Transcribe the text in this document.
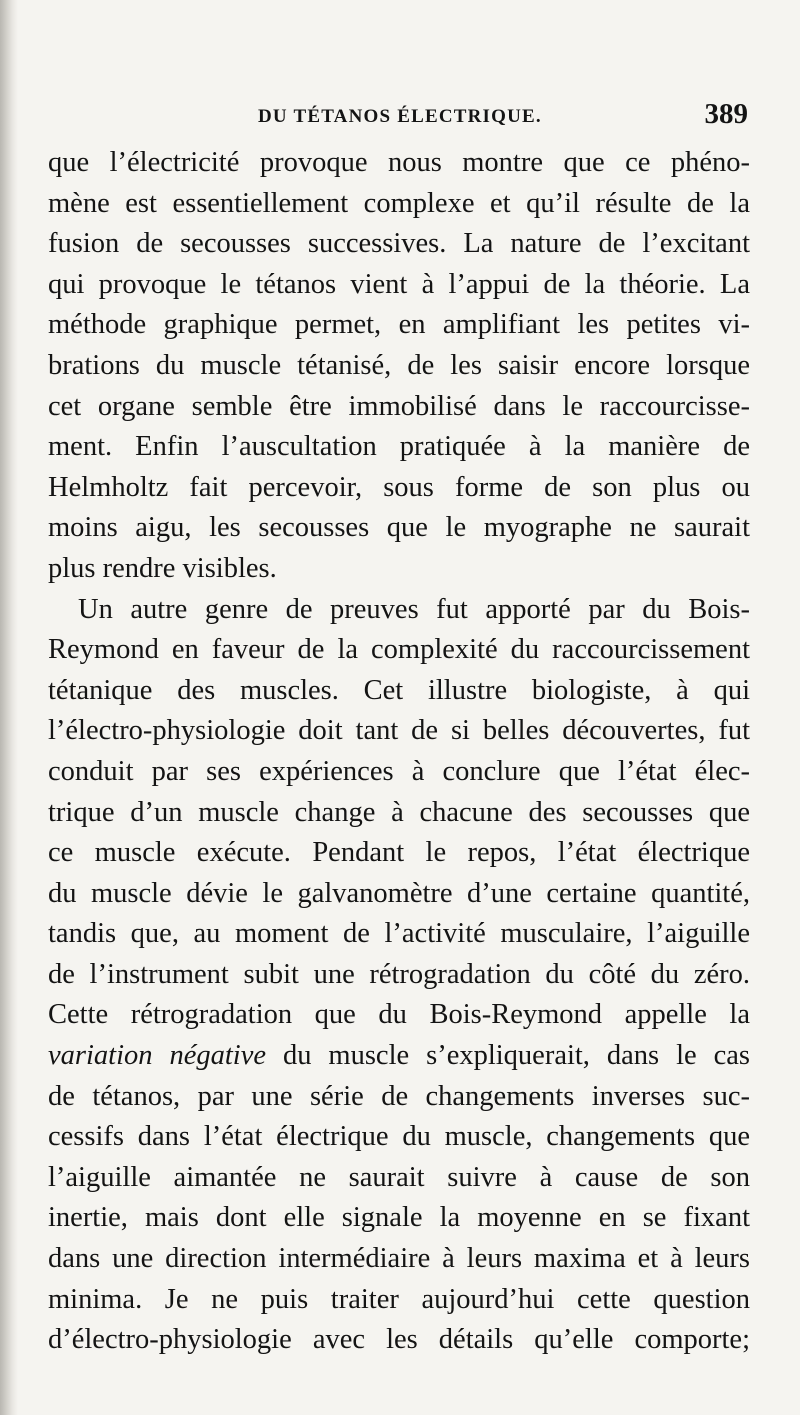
DU TÉTANOS ÉLECTRIQUE.	389
que l’électricité provoque nous montre que ce phéno-
mène est essentiellement complexe et qu’il résulte de la
fusion de secousses successives. La nature de l’excitant
qui provoque le tétanos vient à l’appui de la théorie. La
méthode graphique permet, en amplifiant les petites vi-
brations du muscle tétanisé, de les saisir encore lorsque
cet organe semble être immobilisé dans le raccourcisse-
ment. Enfin l’auscultation pratiquée à la manière de
Helmholtz fait percevoir, sous forme de son plus ou
moins aigu, les secousses que le myographe ne saurait
plus rendre visibles.
Un autre genre de preuves fut apporté par du Bois-
Reymond en faveur de la complexité du raccourcissement
tétanique des muscles. Cet illustre biologiste, à qui
l’électro-physiologie doit tant de si belles découvertes, fut
conduit par ses expériences à conclure que l’état élec-
trique d’un muscle change à chacune des secousses que
ce muscle exécute. Pendant le repos, l’état électrique
du muscle dévie le galvanomètre d’une certaine quantité,
tandis que, au moment de l’activité musculaire, l’aiguille
de l’instrument subit une rétrogradation du côté du zéro.
Cette rétrogradation que du Bois-Reymond appelle la
variation négative du muscle s’expliquerait, dans le cas
de tétanos, par une série de changements inverses suc-
cessifs dans l’état électrique du muscle, changements que
l’aiguille aimantée ne saurait suivre à cause de son
inertie, mais dont elle signale la moyenne en se fixant
dans une direction intermédiaire à leurs maxima et à leurs
minima. Je ne puis traiter aujourd’hui cette question
d’électro-physiologie avec les détails qu’elle comporte;
